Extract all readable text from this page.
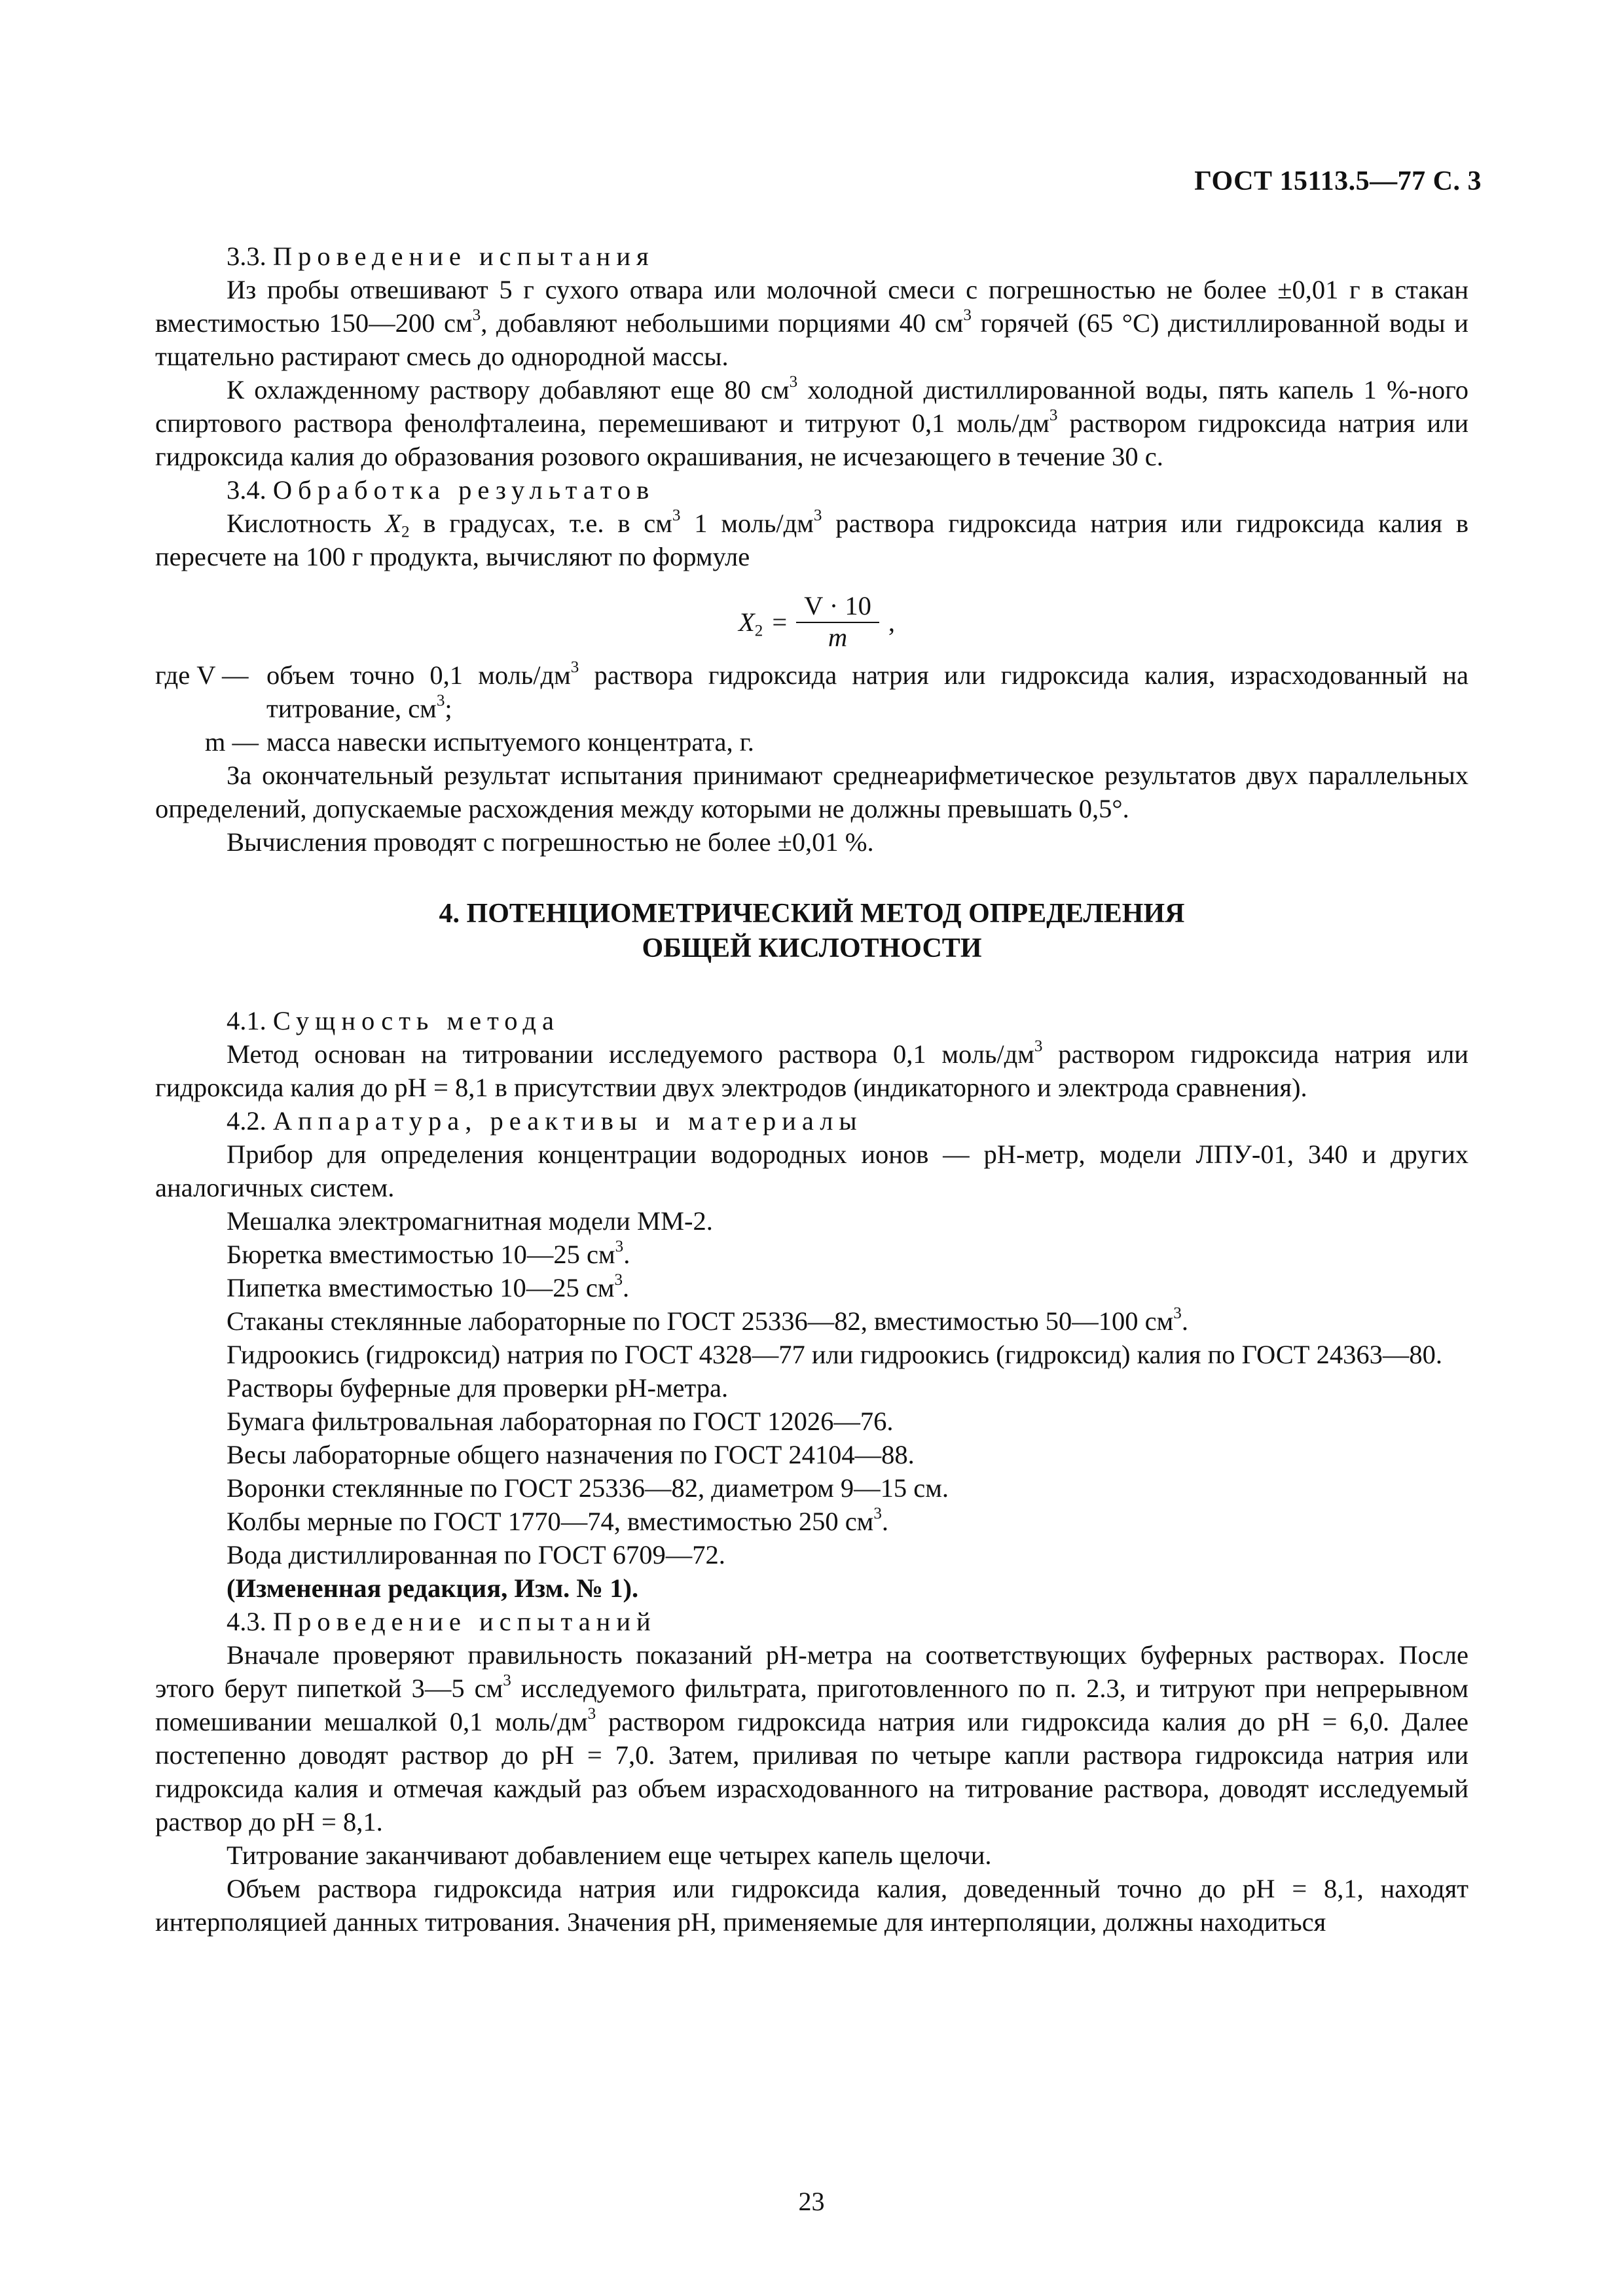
ГОСТ 15113.5—77 С. 3

3.3. Проведение испытания

Из пробы отвешивают 5 г сухого отвара или молочной смеси с погрешностью не более ±0,01 г в стакан вместимостью 150—200 $см^3$, добавляют небольшими порциями 40 $см^3$ горячей (65 °С) дистиллированной воды и тщательно растирают смесь до однородной массы.

К охлажденному раствору добавляют еще 80 $см^3$ холодной дистиллированной воды, пять капель 1 %-ного спиртового раствора фенолфталеина, перемешивают и титруют 0,1 моль/$дм^3$ раствором гидроксида натрия или гидроксида калия до образования розового окрашивания, не исчезающего в течение 30 с.

3.4. Обработка результатов

Кислотность $X_2$ в градусах, т.е. в $см^3$ 1 моль/$дм^3$ раствора гидроксида натрия или гидроксида калия в пересчете на 100 г продукта, вычисляют по формуле

$X_2 = \frac{V \cdot 10}{m}$ ,
где V — объем точно 0,1 моль/$дм^3$ раствора гидроксида натрия или гидроксида калия, израсходованный на титрование, $см^3$;
m — масса навески испытуемого концентрата, г.

За окончательный результат испытания принимают среднеарифметическое результатов двух параллельных определений, допускаемые расхождения между которыми не должны превышать 0,5°.

Вычисления проводят с погрешностью не более ±0,01 %.

4. ПОТЕНЦИОМЕТРИЧЕСКИЙ МЕТОД ОПРЕДЕЛЕНИЯ
ОБЩЕЙ КИСЛОТНОСТИ

4.1. Сущность метода

Метод основан на титровании исследуемого раствора 0,1 моль/$дм^3$ раствором гидроксида натрия или гидроксида калия до рН = 8,1 в присутствии двух электродов (индикаторного и электрода сравнения).

4.2. Аппаратура, реактивы и материалы

Прибор для определения концентрации водородных ионов — рН-метр, модели ЛПУ-01, 340 и других аналогичных систем.

Мешалка электромагнитная модели ММ-2.

Бюретка вместимостью 10—25 $см^3$.

Пипетка вместимостью 10—25 $см^3$.

Стаканы стеклянные лабораторные по ГОСТ 25336—82, вместимостью 50—100 $см^3$.

Гидроокись (гидроксид) натрия по ГОСТ 4328—77 или гидроокись (гидроксид) калия по ГОСТ 24363—80.

Растворы буферные для проверки рН-метра.

Бумага фильтровальная лабораторная по ГОСТ 12026—76.

Весы лабораторные общего назначения по ГОСТ 24104—88.

Воронки стеклянные по ГОСТ 25336—82, диаметром 9—15 см.

Колбы мерные по ГОСТ 1770—74, вместимостью 250 $см^3$.

Вода дистиллированная по ГОСТ 6709—72.

(Измененная редакция, Изм. № 1).

4.3. Проведение испытаний

Вначале проверяют правильность показаний рН-метра на соответствующих буферных растворах. После этого берут пипеткой 3—5 $см^3$ исследуемого фильтрата, приготовленного по п. 2.3, и титруют при непрерывном помешивании мешалкой 0,1 моль/$дм^3$ раствором гидроксида натрия или гидроксида калия до рН = 6,0. Далее постепенно доводят раствор до рН = 7,0. Затем, приливая по четыре капли раствора гидроксида натрия или гидроксида калия и отмечая каждый раз объем израсходованного на титрование раствора, доводят исследуемый раствор до рН = 8,1.

Титрование заканчивают добавлением еще четырех капель щелочи.

Объем раствора гидроксида натрия или гидроксида калия, доведенный точно до рН = 8,1, находят интерполяцией данных титрования. Значения рН, применяемые для интерполяции, должны находиться

23
